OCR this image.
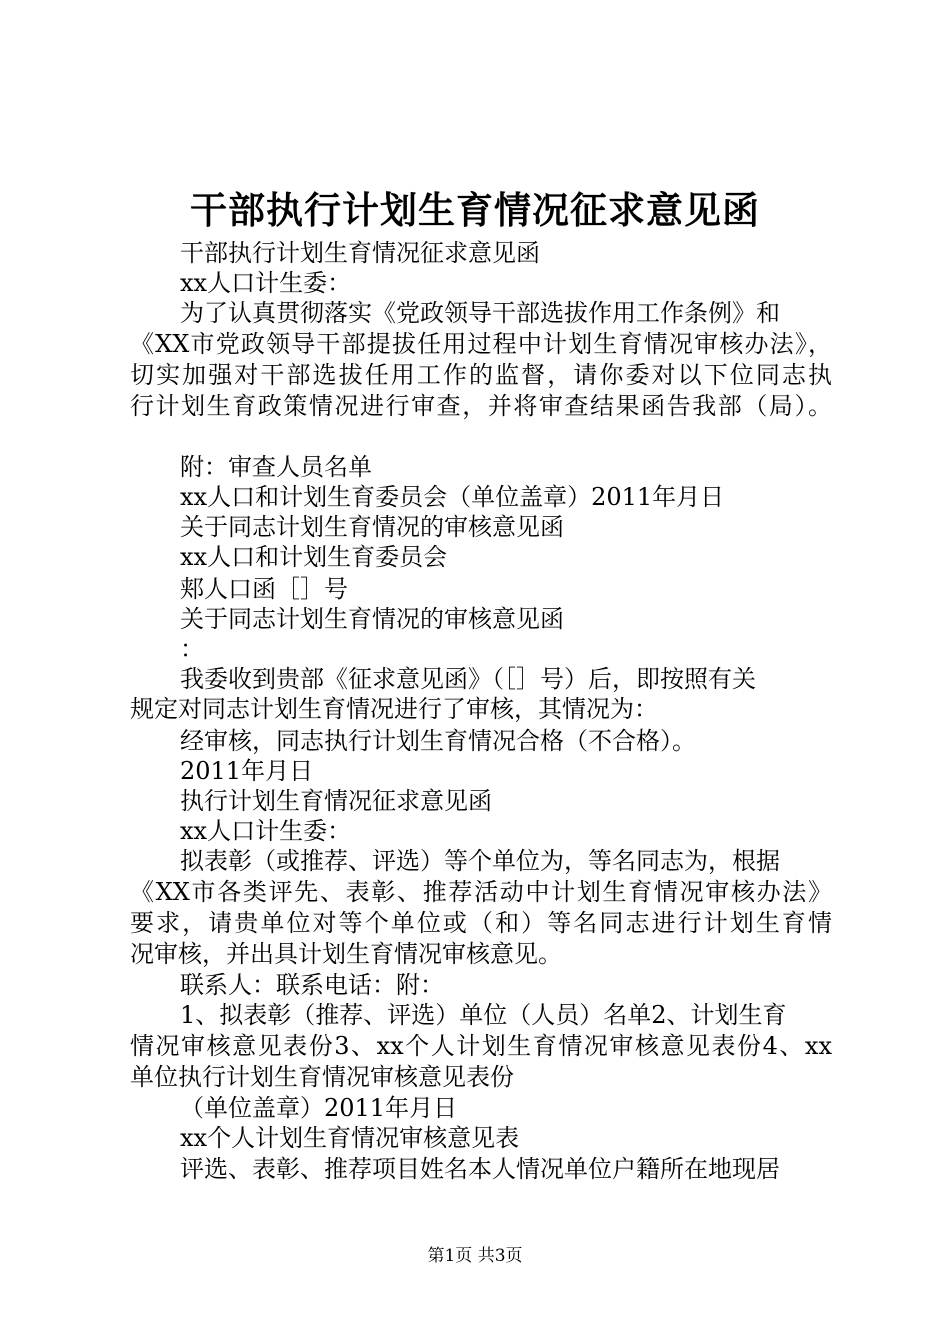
干部执行计划生育情况征求意见函
干部执行计划生育情况征求意见函
xx人口计生委：
为了认真贯彻落实《党政领导干部选拔作用工作条例》和
《XX市党政领导干部提拔任用过程中计划生育情况审核办法》，
切实加强对干部选拔任用工作的监督，请你委对以下位同志执
行计划生育政策情况进行审查，并将审查结果函告我部（局）。
附：审查人员名单
xx人口和计划生育委员会（单位盖章）2011年月日
关于同志计划生育情况的审核意见函
xx人口和计划生育委员会
郏人口函［］号
关于同志计划生育情况的审核意见函
：
我委收到贵部《征求意见函》（［］号）后，即按照有关
规定对同志计划生育情况进行了审核，其情况为：
经审核，同志执行计划生育情况合格（不合格）。
2011年月日
执行计划生育情况征求意见函
xx人口计生委：
拟表彰（或推荐、评选）等个单位为，等名同志为，根据
《XX市各类评先、表彰、推荐活动中计划生育情况审核办法》
要求，请贵单位对等个单位或（和）等名同志进行计划生育情
况审核，并出具计划生育情况审核意见。
联系人：联系电话：附：
1、拟表彰（推荐、评选）单位（人员）名单2、计划生育
情况审核意见表份3、xx个人计划生育情况审核意见表份4、xx
单位执行计划生育情况审核意见表份
（单位盖章）2011年月日
xx个人计划生育情况审核意见表
评选、表彰、推荐项目姓名本人情况单位户籍所在地现居
第1页 共3页
